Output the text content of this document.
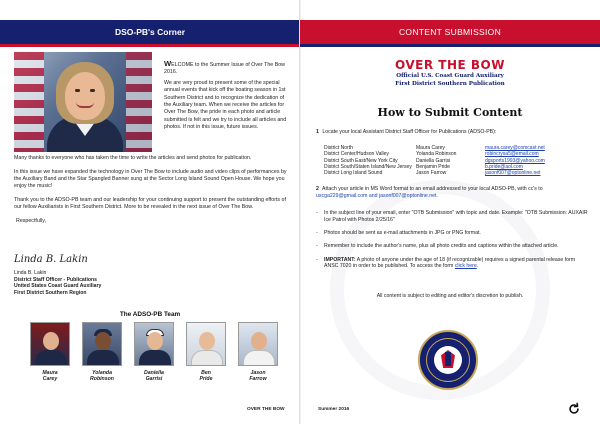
DSO-PB's Corner

WELCOME to the Summer Issue of Over The Bow 2016.

We are very proud to present some of the special annual events that kick off the boating season in 1st Southern District and to recognize the dedication of the Auxiliary team. When we receive the articles for Over The Bow, the pride in each photo and article submitted is felt and we try to include all articles and photos. If not in this issue, future issues.

Many thanks to everyone who has taken the time to write the articles and send photos for publication.

In this issue we have expanded the technology in Over The Bow to include audio and video clips of performances by the Auxiliary Band and the Star Spangled Banner sung at the Sector Long Island Sound Open House. We hope you enjoy the music!

Thank you to the ADSO-PB team and our leadership for your continuing support to present the outstanding efforts of our fellow Auxiliarists in First Southern District. More to be revealed in the next issue of Over The Bow.

Respectfully,

Linda B. Lakin
Linda B. Lakin
District Staff Officer - Publications
United States Coast Guard Auxiliary
First District Southern Region
The ADSO-PB Team
Maura
Carey
Yolanda
Robinson
Daniella
Garrisi
Ben
Pride
Jason
Farrow
OVER THE BOW
CONTENT SUBMISSION
OVER THE BOW
Official U.S. Coast Guard Auxiliary
First District Southern Publication
How to Submit Content
1 Locate your local Assistant District Staff Officer for Publications (ADSO-PB):
District North	Maura Carey	maura.carey@comcast.net
District Center/Hudson Valley	Yolanda Robinson	robincrysa5@email.com
District South East/New York City	Daniella Garrisi	dgsports1993@yahoo.com
District South/Staten Island/New Jersey Benjamin Pride	b.pride@aol.com
District Long Island Sound	Jason Farrow	jasonf007@optonline.net
2 Attach your article in MS Word format to an email addressed to your local ADSO-PB, with cc's to uscga229@gmail.com and jasonf007@optonline.net.
- In the subject line of your email, enter "OTB Submission" with topic and date. Example: "OTB Submission: AUXAIR Ice Patrol with Photos 2/25/16"
- Photos should be sent as e-mail attachments in JPG or PNG format.
- Remember to include the author's name, plus all photo credits and captions within the attached article.
- IMPORTANT: A photo of anyone under the age of 18 (if recognizable) requires a signed parental release form ANSC 7020 in order to be published. To access the form click here.
All content is subject to editing and editor's discretion to publish.
Summer 2016
